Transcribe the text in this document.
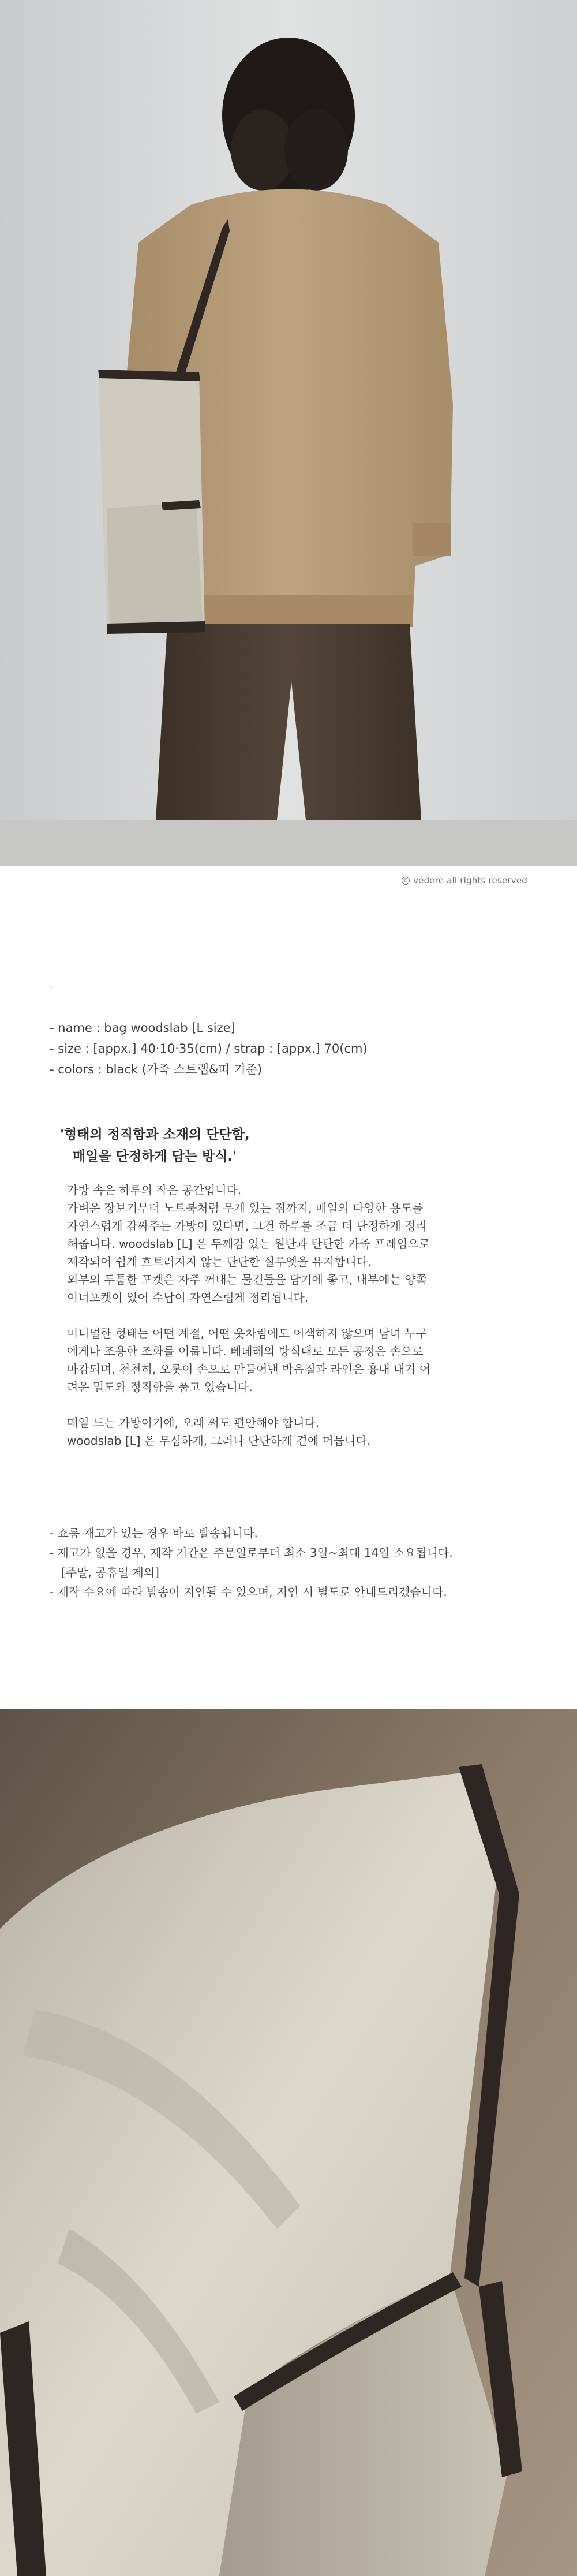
© vedere all rights reserved
·
- name : bag woodslab [L size]
- size : [appx.] 40·10·35(cm) / strap : [appx.] 70(cm)
- colors : black (가죽 스트랩&띠 기준)
'형태의 정직함과 소재의 단단함,
매일을 단정하게 담는 방식.'

가방 속은 하루의 작은 공간입니다.
가벼운 장보기부터 노트북처럼 무게 있는 짐까지, 매일의 다양한 용도를
자연스럽게 감싸주는 가방이 있다면, 그건 하루를 조금 더 단정하게 정리
해줍니다. woodslab [L] 은 두께감 있는 원단과 탄탄한 가죽 프레임으로
제작되어 쉽게 흐트러지지 않는 단단한 실루엣을 유지합니다.
외부의 두툼한 포켓은 자주 꺼내는 물건들을 담기에 좋고, 내부에는 양쪽
이너포켓이 있어 수납이 자연스럽게 정리됩니다.

미니멀한 형태는 어떤 계절, 어떤 옷차림에도 어색하지 않으며 남녀 누구
에게나 조용한 조화를 이룹니다. 베데레의 방식대로 모든 공정은 손으로
마감되며, 천천히, 오롯이 손으로 만들어낸 박음질과 라인은 흉내 내기 어
려운 밀도와 정직함을 품고 있습니다.

매일 드는 가방이기에, 오래 써도 편안해야 합니다.
woodslab [L] 은 무심하게, 그러나 단단하게 곁에 머뭅니다.

- 쇼룸 재고가 있는 경우 바로 발송됩니다.
- 재고가 없을 경우, 제작 기간은 주문일로부터 최소 3일~최대 14일 소요됩니다.
[주말, 공휴일 제외]
- 제작 수요에 따라 발송이 지연될 수 있으며, 지연 시 별도로 안내드리겠습니다.
